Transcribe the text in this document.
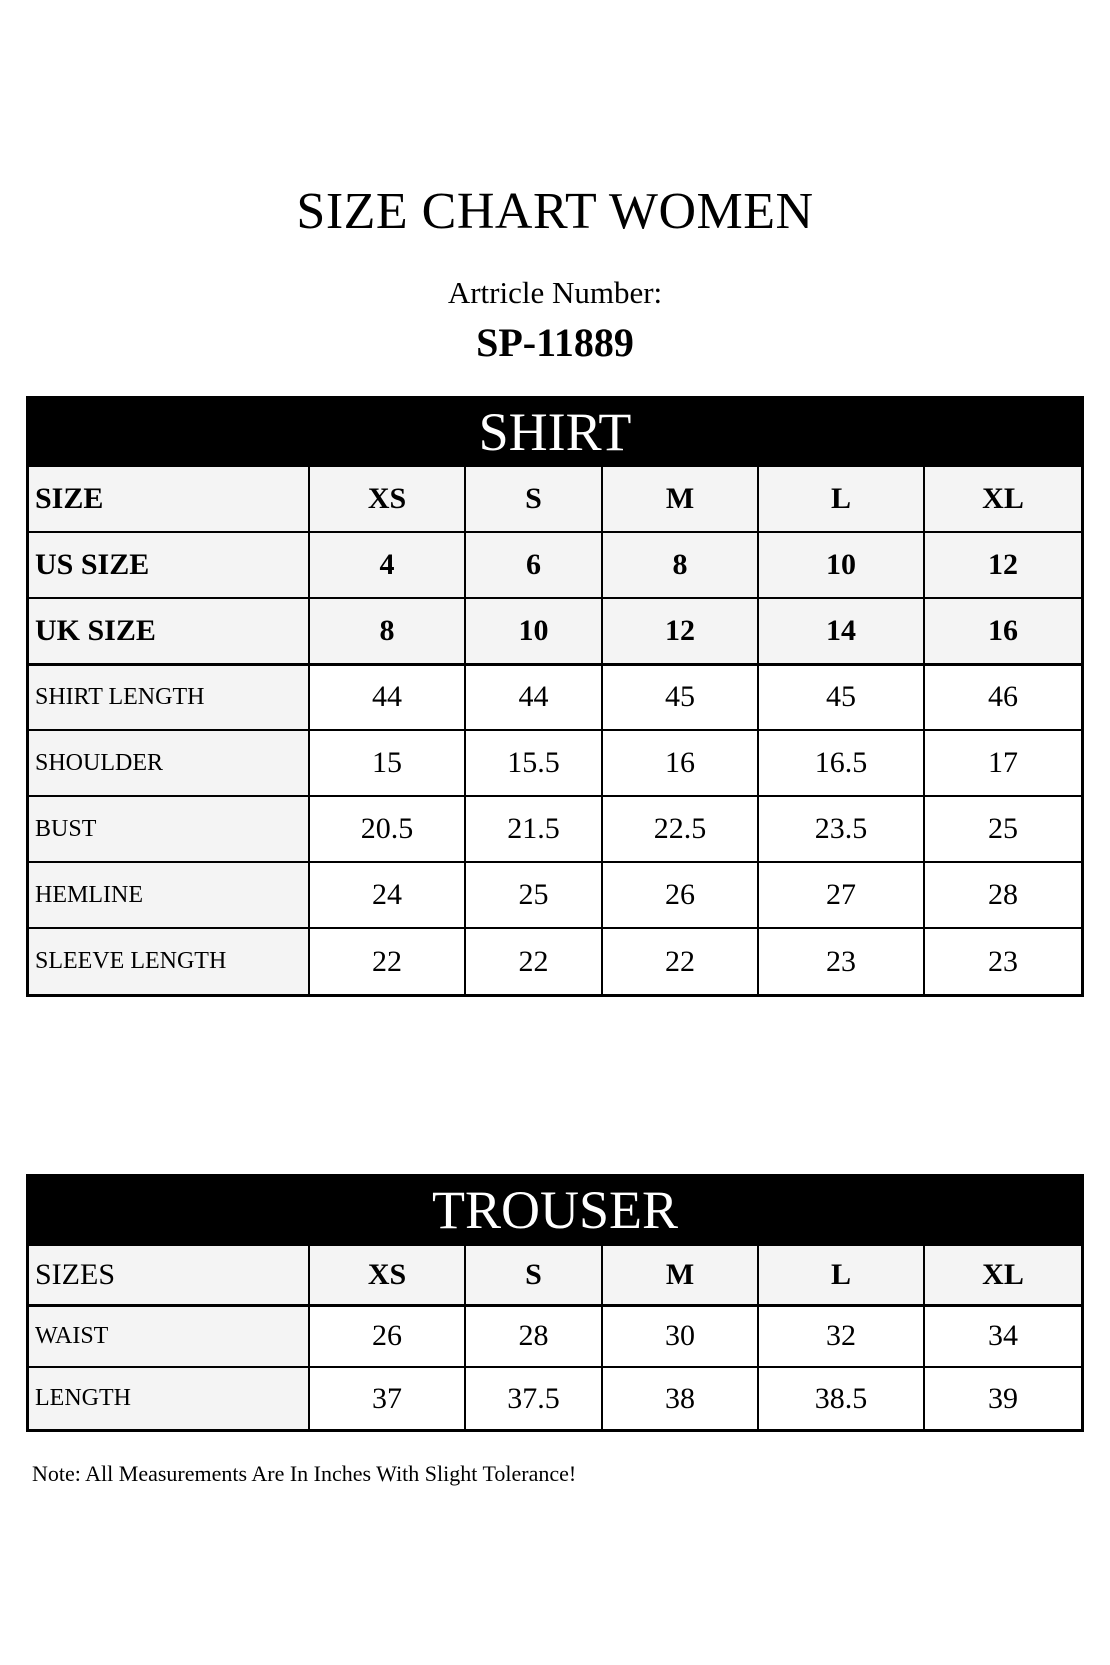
SIZE CHART WOMEN
Artricle Number:
SP-11889
SHIRT
SIZE	XS	S	M	L	XL
US SIZE	4	6	8	10	12
UK SIZE	8	10	12	14	16
SHIRT LENGTH	44	44	45	45	46
SHOULDER	15	15.5	16	16.5	17
BUST	20.5	21.5	22.5	23.5	25
HEMLINE	24	25	26	27	28
SLEEVE LENGTH	22	22	22	23	23
TROUSER
SIZES	XS	S	M	L	XL
WAIST	26	28	30	32	34
LENGTH	37	37.5	38	38.5	39
Note: All Measurements Are In Inches With Slight Tolerance!
